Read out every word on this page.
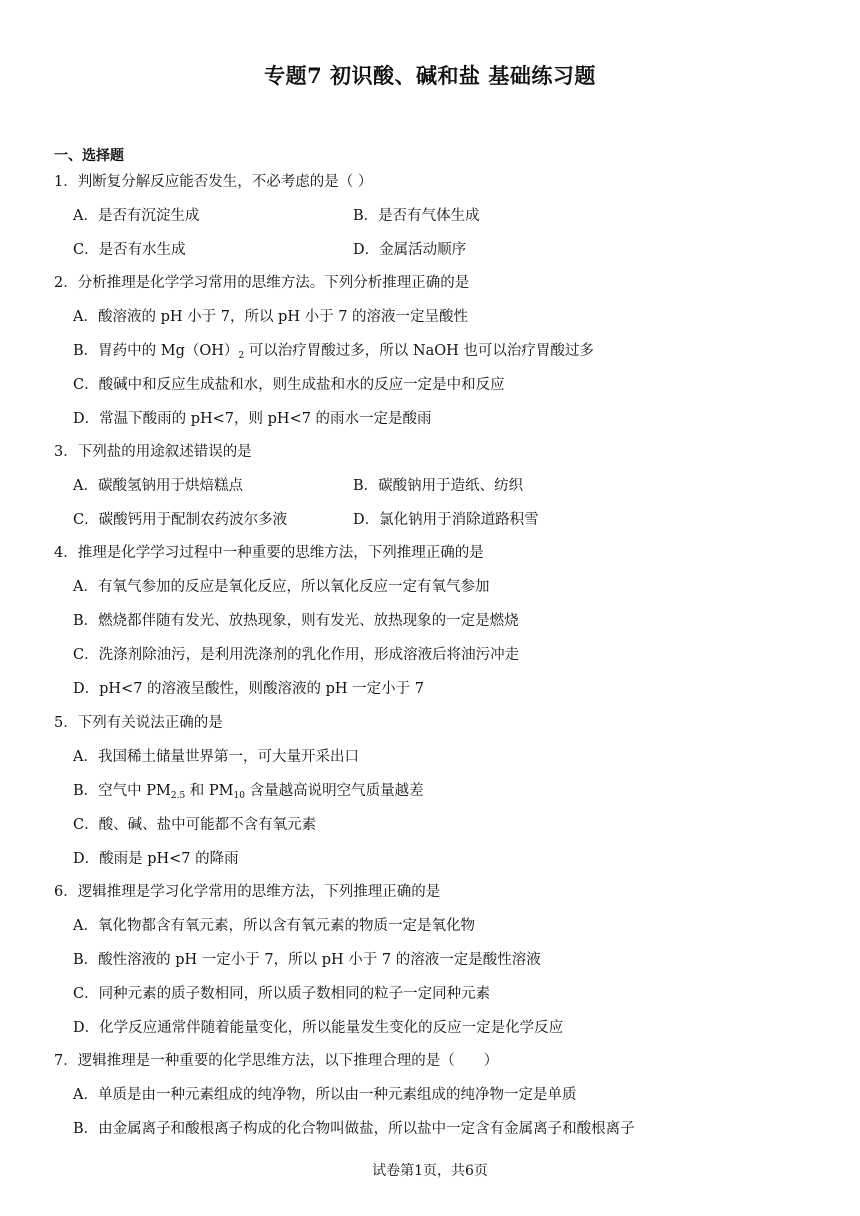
专题7 初识酸、碱和盐 基础练习题
一、选择题
1．判断复分解反应能否发生，不必考虑的是（ ）
A．是否有沉淀生成	B．是否有气体生成
C．是否有水生成	D．金属活动顺序
2．分析推理是化学学习常用的思维方法。下列分析推理正确的是
A．酸溶液的 pH 小于 7，所以 pH 小于 7 的溶液一定呈酸性
B．胃药中的 $Mg(OH)_2$ 可以治疗胃酸过多，所以 NaOH 也可以治疗胃酸过多
C．酸碱中和反应生成盐和水，则生成盐和水的反应一定是中和反应
D．常温下酸雨的 pH<7，则 pH<7 的雨水一定是酸雨
3．下列盐的用途叙述错误的是
A．碳酸氢钠用于烘焙糕点	B．碳酸钠用于造纸、纺织
C．碳酸钙用于配制农药波尔多液	D．氯化钠用于消除道路积雪
4．推理是化学学习过程中一种重要的思维方法，下列推理正确的是
A．有氧气参加的反应是氧化反应，所以氧化反应一定有氧气参加
B．燃烧都伴随有发光、放热现象，则有发光、放热现象的一定是燃烧
C．洗涤剂除油污，是利用洗涤剂的乳化作用，形成溶液后将油污冲走
D．pH<7 的溶液呈酸性，则酸溶液的 pH 一定小于 7
5．下列有关说法正确的是
A．我国稀土储量世界第一，可大量开采出口
B．空气中 $PM_{2.5}$ 和 $PM_{10}$ 含量越高说明空气质量越差
C．酸、碱、盐中可能都不含有氧元素
D．酸雨是 pH<7 的降雨
6．逻辑推理是学习化学常用的思维方法，下列推理正确的是
A．氧化物都含有氧元素，所以含有氧元素的物质一定是氧化物
B．酸性溶液的 pH 一定小于 7，所以 pH 小于 7 的溶液一定是酸性溶液
C．同种元素的质子数相同，所以质子数相同的粒子一定同种元素
D．化学反应通常伴随着能量变化，所以能量发生变化的反应一定是化学反应
7．逻辑推理是一种重要的化学思维方法，以下推理合理的是（　　）
A．单质是由一种元素组成的纯净物，所以由一种元素组成的纯净物一定是单质
B．由金属离子和酸根离子构成的化合物叫做盐，所以盐中一定含有金属离子和酸根离子
试卷第1页，共6页
